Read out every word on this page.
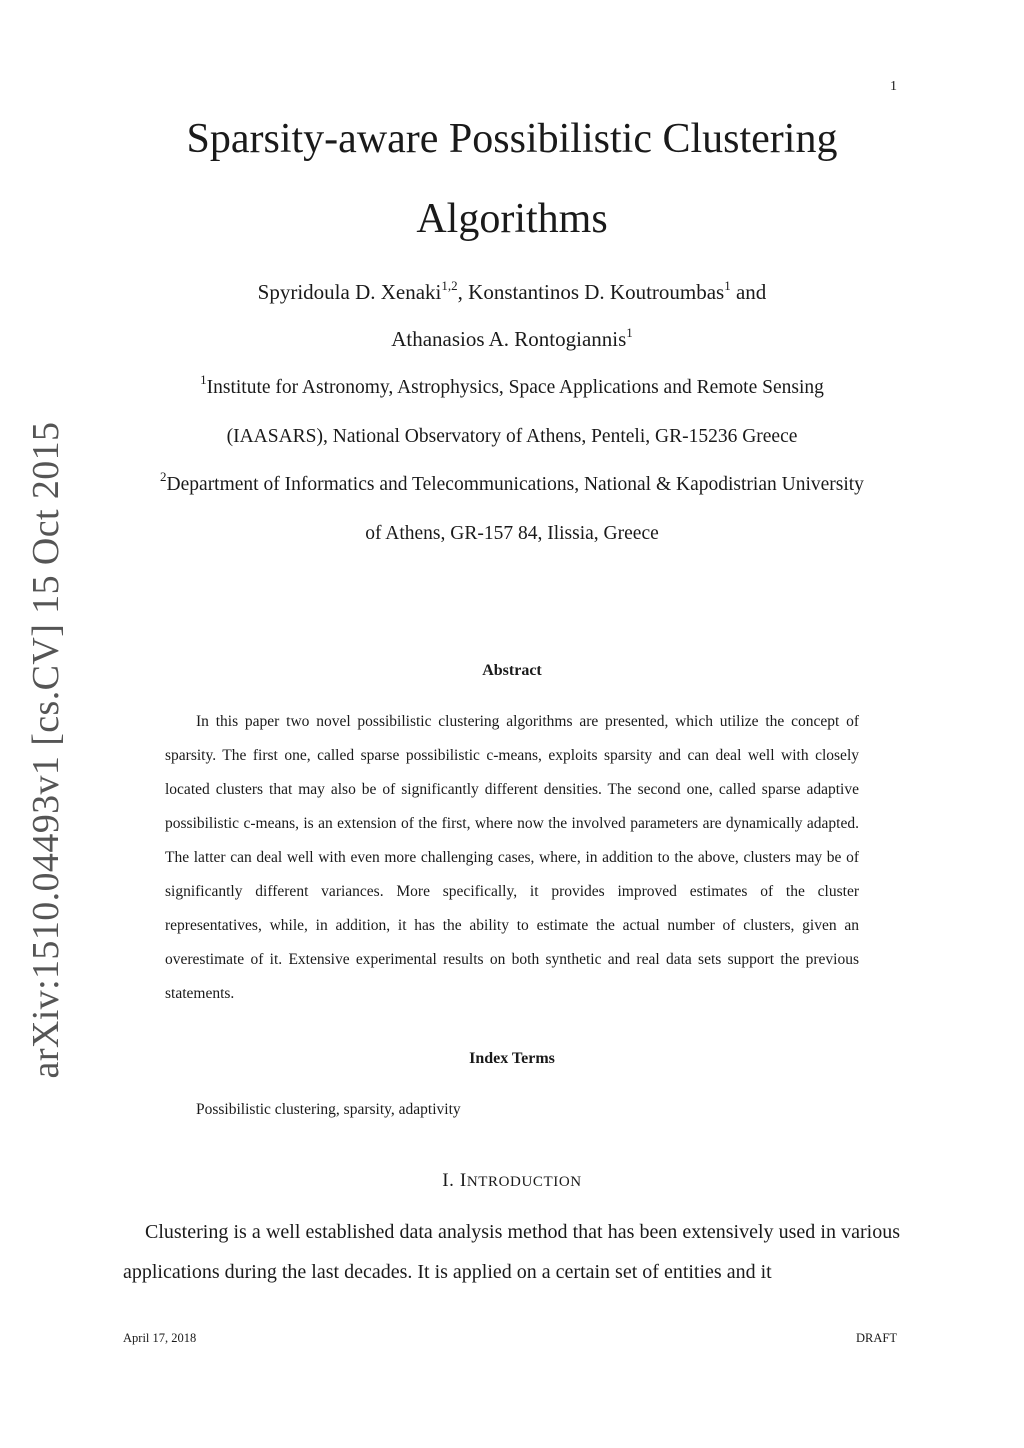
1
arXiv:1510.04493v1 [cs.CV] 15 Oct 2015
Sparsity-aware Possibilistic Clustering
Algorithms
Spyridoula D. Xenaki$^{1,2}$, Konstantinos D. Koutroumbas$^1$ and
Athanasios A. Rontogiannis$^1$
$^1$Institute for Astronomy, Astrophysics, Space Applications and Remote Sensing
(IAASARS), National Observatory of Athens, Penteli, GR-15236 Greece
$^2$Department of Informatics and Telecommunications, National & Kapodistrian University
of Athens, GR-157 84, Ilissia, Greece
Abstract

In this paper two novel possibilistic clustering algorithms are presented, which utilize the concept of sparsity. The first one, called sparse possibilistic c-means, exploits sparsity and can deal well with closely located clusters that may also be of significantly different densities. The second one, called sparse adaptive possibilistic c-means, is an extension of the first, where now the involved parameters are dynamically adapted. The latter can deal well with even more challenging cases, where, in addition to the above, clusters may be of significantly different variances. More specifically, it provides improved estimates of the cluster representatives, while, in addition, it has the ability to estimate the actual number of clusters, given an overestimate of it. Extensive experimental results on both synthetic and real data sets support the previous statements.

Index Terms
Possibilistic clustering, sparsity, adaptivity
I. INTRODUCTION

Clustering is a well established data analysis method that has been extensively used in various applications during the last decades. It is applied on a certain set of entities and it

April 17, 2018	DRAFT
